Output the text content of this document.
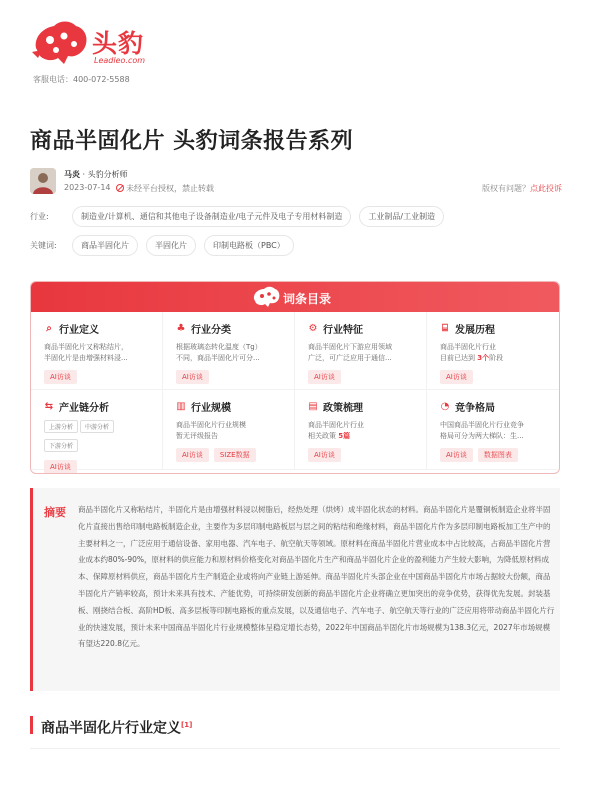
头豹
Leadleo.com
客服电话：400-072-5588
商品半固化片 头豹词条报告系列
马炎 · 头豹分析师
2023-07-14	未经平台授权，禁止转载	版权有问题？点此投诉
行业:	制造业/计算机、通信和其他电子设备制造业/电子元件及电子专用材料制造	工业制品/工业制造
关键词:	商品半固化片	半固化片	印制电路板（PBC）
词条目录
⌕ 行业定义
商品半固化片又称粘结片，
半固化片是由增强材料浸...
AI访谈
♣ 行业分类
根据玻璃态转化温度（Tg）
不同，商品半固化片可分...
AI访谈
⚙ 行业特征
商品半固化片下游应用领域
广泛，可广泛应用于通信...
AI访谈
⌸ 发展历程
商品半固化片行业
目前已达到 3个阶段
AI访谈
⇆ 产业链分析
上游分析 中游分析下游分析
AI访谈
▥ 行业规模
商品半固化片行业规模
暂无评级报告
AI访谈 SIZE数据
▤ 政策梳理
商品半固化片行业
相关政策 5篇
AI访谈
◔ 竞争格局
中国商品半固化片行业竞争
格局可分为两大梯队：生...
AI访谈 数据图表
摘要 商品半固化片又称粘结片，半固化片是由增强材料浸以树脂后，经热处理（烘烤）成半固化状态的材料。商品半固化片是覆铜板制造企业将半固化片直接出售给印制电路板制造企业，主要作为多层印制电路板层与层之间的粘结和绝缘材料，商品半固化片作为多层印制电路板加工生产中的主要材料之一，广泛应用于通信设备、家用电器、汽车电子、航空航天等领域。原材料在商品半固化片营业成本中占比较高，占商品半固化片营业成本约80%-90%，原材料的供应能力和原材料价格变化对商品半固化片生产和商品半固化片企业的盈利能力产生较大影响，为降低原材料成本、保障原材料供应，商品半固化片生产制造企业或将向产业链上游延伸。商品半固化片头部企业在中国商品半固化片市场占据较大份额，商品半固化片产销率较高，预计未来具有技术、产能优势，可持续研发创新的商品半固化片企业将确立更加突出的竞争优势，获得优先发展。封装基板、刚挠结合板、高阶HD板、高多层板等印制电路板的重点发展，以及通信电子、汽车电子、航空航天等行业的广泛应用将带动商品半固化片行业的快速发展，预计未来中国商品半固化片行业规模整体呈稳定增长态势，2022年中国商品半固化片市场规模为138.3亿元，2027年市场规模有望达220.8亿元。
商品半固化片行业定义[1]
